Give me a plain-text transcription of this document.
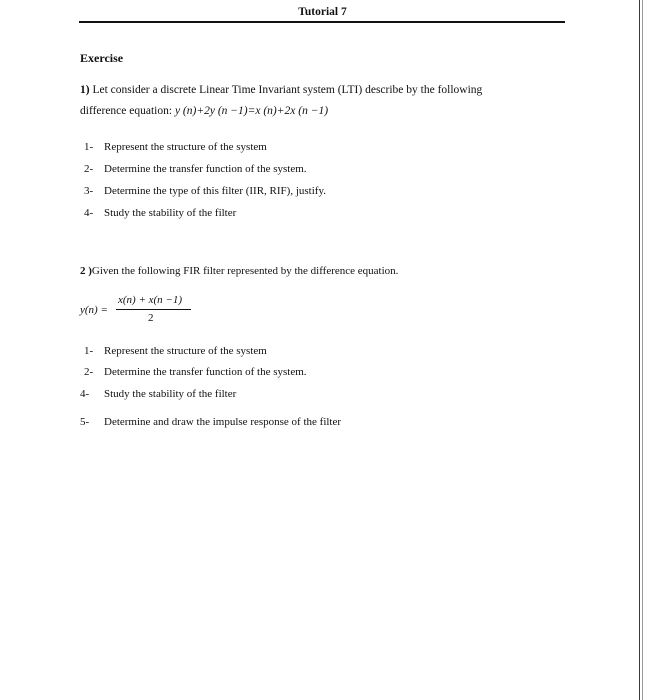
Tutorial 7
Exercise
1) Let consider a discrete Linear Time Invariant system (LTI) describe by the following
difference equation: y (n)+2y (n −1)=x (n)+2x (n −1)
1- Represent the structure of the system
2- Determine the transfer function of the system.
3- Determine the type of this filter (IIR, RIF), justify.
4- Study the stability of the filter
2 )Given the following FIR filter represented by the difference equation.
y(n) =
x(n) + x(n −1)
2
1- Represent the structure of the system
2- Determine the transfer function of the system.
4- Study the stability of the filter
5- Determine and draw the impulse response of the filter
